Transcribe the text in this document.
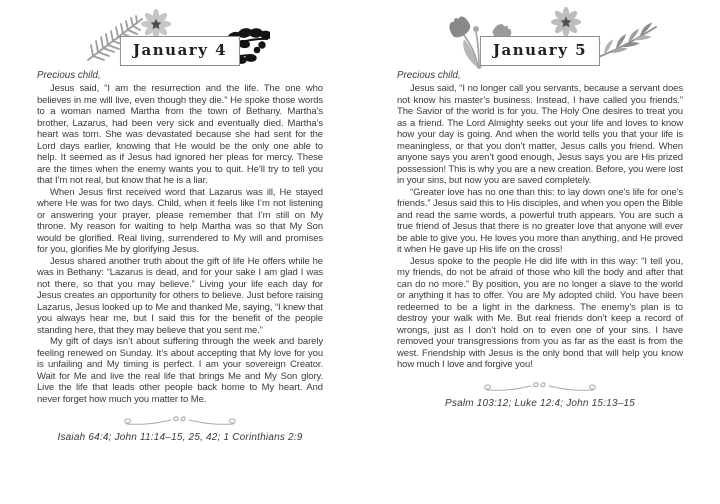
January 4

Precious child,

Jesus said, “I am the resurrection and the life. The one who believes in me will live, even though they die.” He spoke those words to a woman named Martha from the town of Bethany. Martha’s brother, Lazarus, had been very sick and eventually died. Martha’s heart was torn. She was devastated because she had sent for the Lord days earlier, knowing that He would be the only one able to help. It seemed as if Jesus had ignored her pleas for mercy. These are the times when the enemy wants you to quit. He’ll try to tell you that I’m not real, but know that he is a liar.

When Jesus first received word that Lazarus was ill, He stayed where He was for two days. Child, when it feels like I’m not listening or answering your prayer, please remember that I’m still on My throne. My reason for waiting to help Martha was so that My Son would be glorified. Real living, surrendered to My will and promises for you, glorifies Me by glorifying Jesus.

Jesus shared another truth about the gift of life He offers while he was in Bethany: “Lazarus is dead, and for your sake I am glad I was not there, so that you may believe.” Living your life each day for Jesus creates an opportunity for others to believe. Just before raising Lazarus, Jesus looked up to Me and thanked Me, saying, “I knew that you always hear me, but I said this for the benefit of the people standing here, that they may believe that you sent me.”

My gift of days isn’t about suffering through the week and barely feeling renewed on Sunday. It’s about accepting that My love for you is unfailing and My timing is perfect. I am your sovereign Creator. Wait for Me and live the real life that brings Me and My Son glory. Live the life that leads other people back home to My heart. And never forget how much you matter to Me.

Isaiah 64:4; John 11:14–15, 25, 42; 1 Corinthians 2:9

January 5

Precious child,

Jesus said, “I no longer call you servants, because a servant does not know his master’s business. Instead, I have called you friends.” The Savior of the world is for you. The Holy One desires to treat you as a friend. The Lord Almighty seeks out your life and loves to know how your day is going. And when the world tells you that your life is meaningless, or that you don’t matter, Jesus calls you friend. When anyone says you aren’t good enough, Jesus says you are His prized possession! This is why you are a new creation. Before, you were lost in your sins, but now you are saved completely.

“Greater love has no one than this: to lay down one’s life for one’s friends.” Jesus said this to His disciples, and when you open the Bible and read the same words, a powerful truth appears. You are such a true friend of Jesus that there is no greater love that anyone will ever be able to give you. He loves you more than anything, and He proved it when He gave up His life on the cross!

Jesus spoke to the people He did life with in this way: “I tell you, my friends, do not be afraid of those who kill the body and after that can do no more.” By position, you are no longer a slave to the world or anything it has to offer. You are My adopted child. You have been redeemed to be a light in the darkness. The enemy’s plan is to destroy your walk with Me. But real friends don’t keep a record of wrongs, just as I don’t hold on to even one of your sins. I have removed your transgressions from you as far as the east is from the west. Friendship with Jesus is the only bond that will help you know how much I love and forgive you!

Psalm 103:12; Luke 12:4; John 15:13–15
